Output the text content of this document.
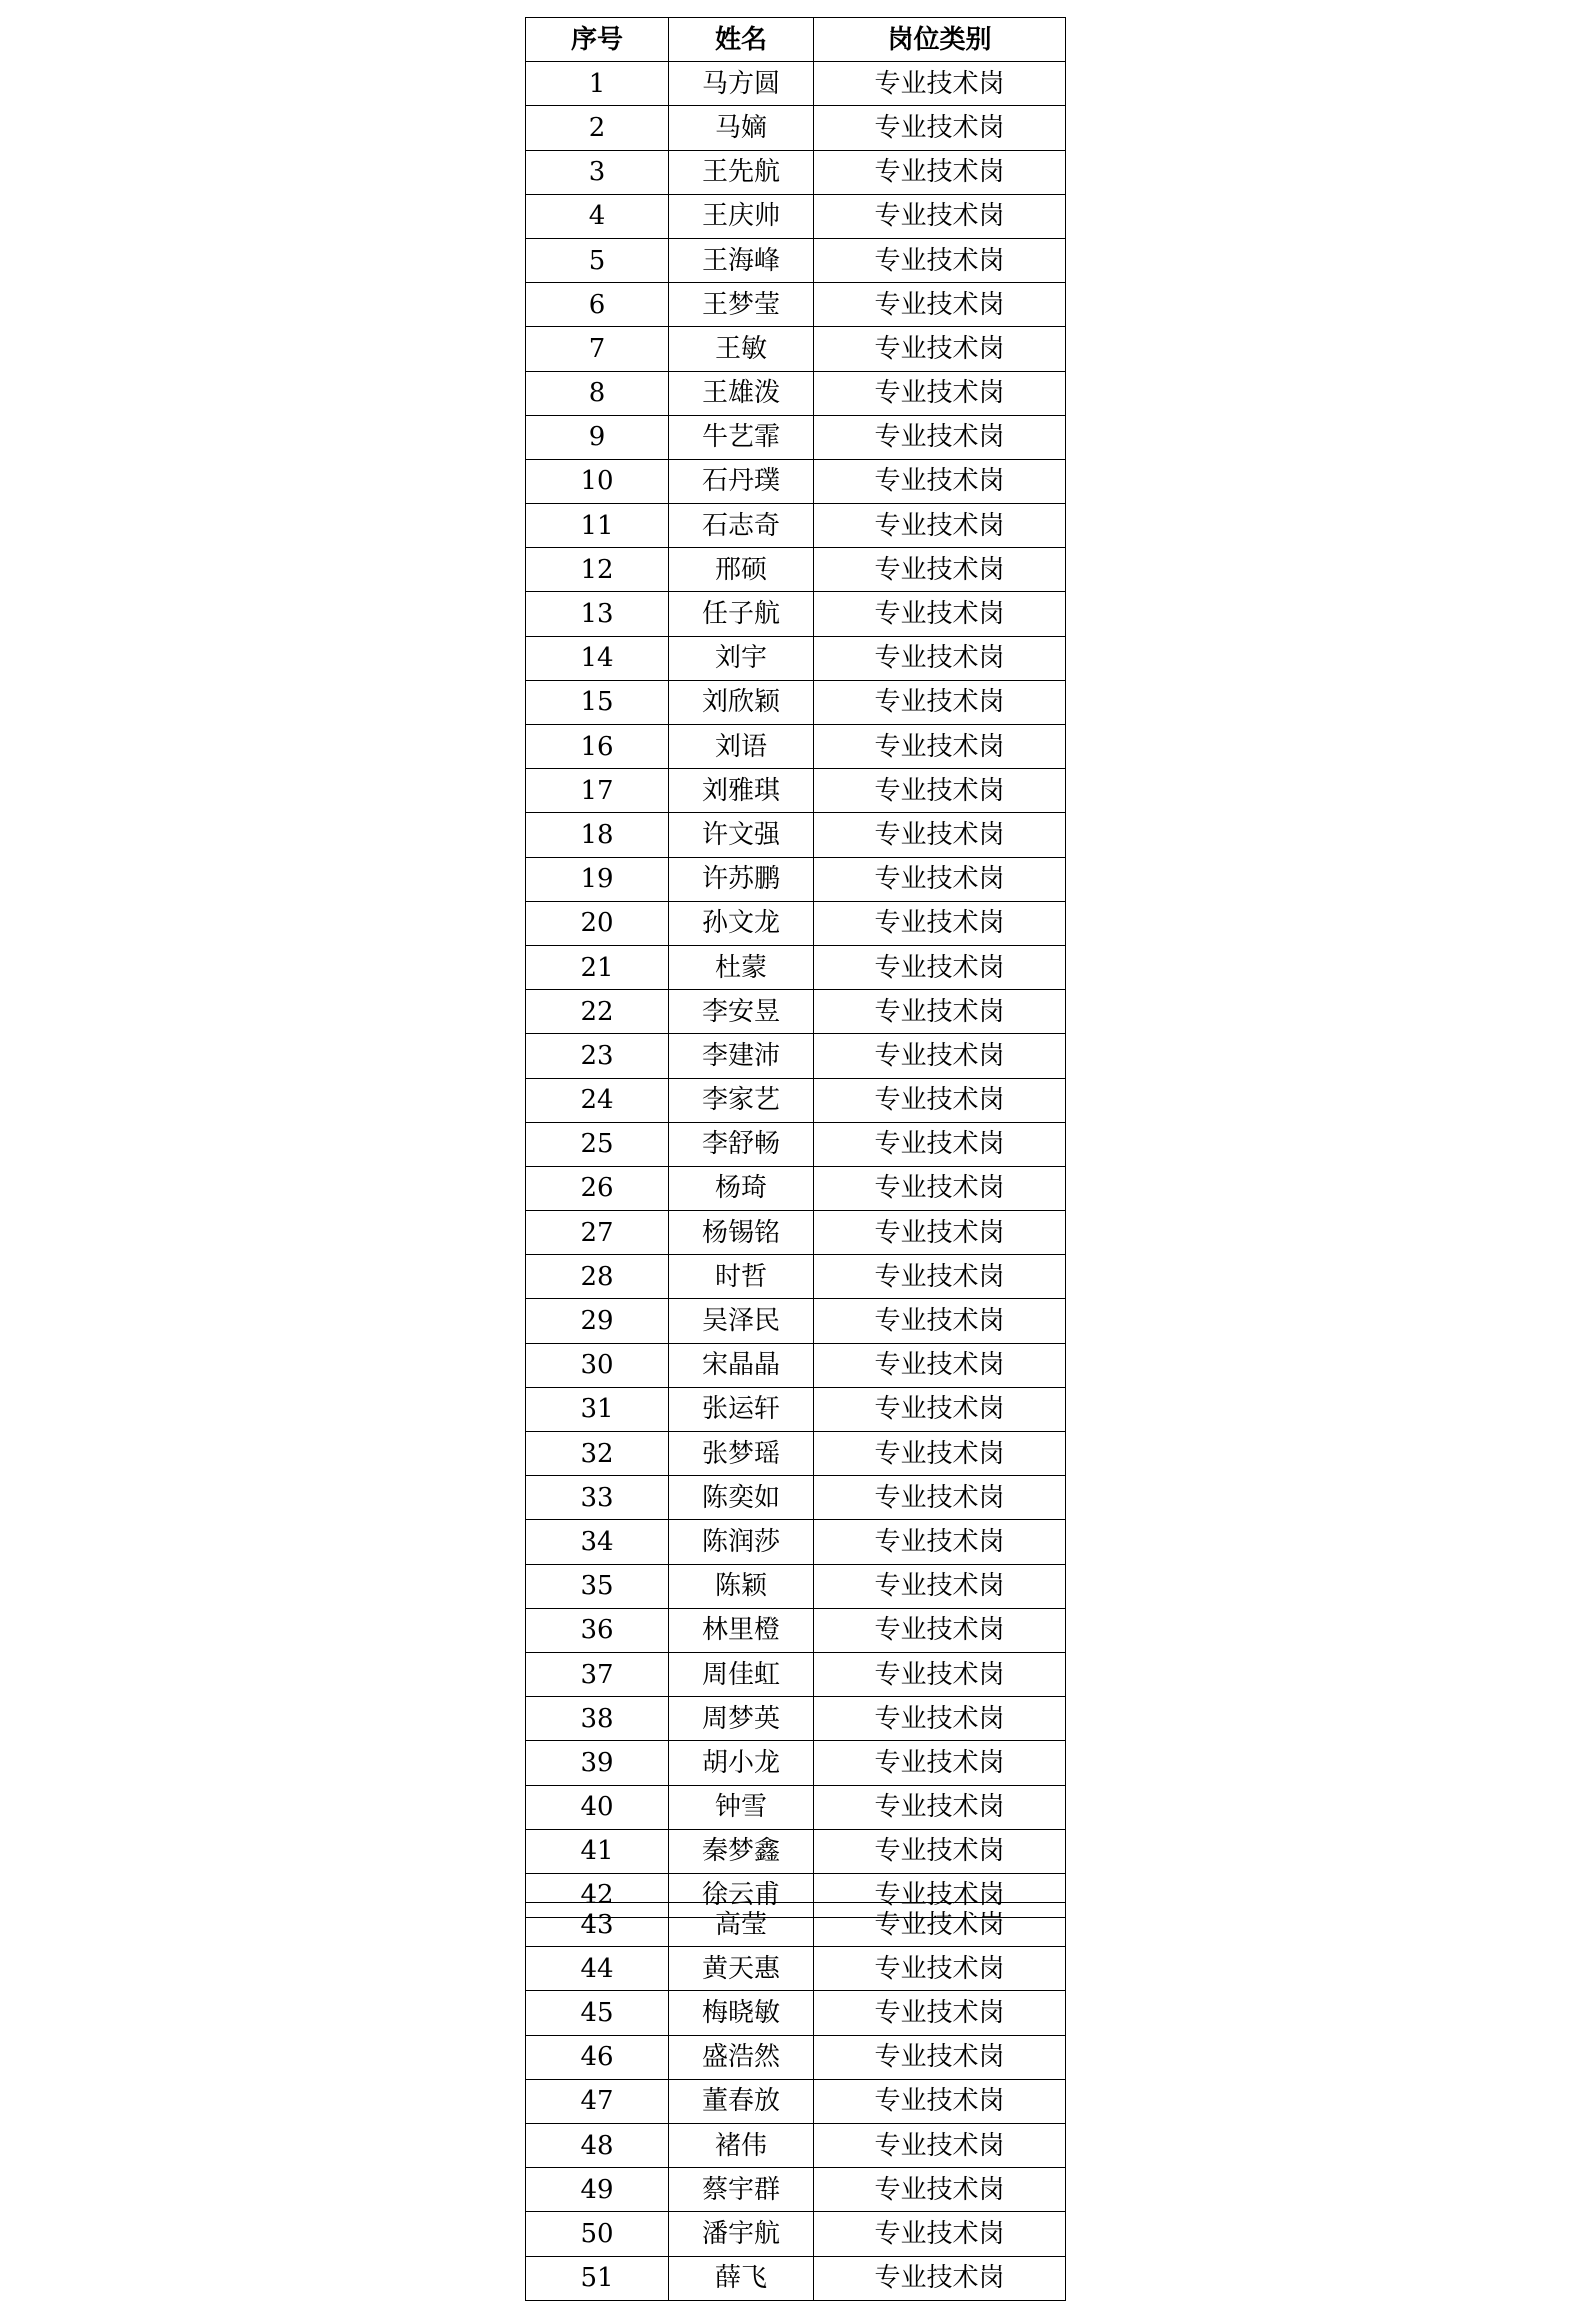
序号	姓名	岗位类别
1	马方圆	专业技术岗
2	马嫡	专业技术岗
3	王先航	专业技术岗
4	王庆帅	专业技术岗
5	王海峰	专业技术岗
6	王梦莹	专业技术岗
7	王敏	专业技术岗
8	王雄泼	专业技术岗
9	牛艺霏	专业技术岗
10	石丹璞	专业技术岗
11	石志奇	专业技术岗
12	邢硕	专业技术岗
13	任子航	专业技术岗
14	刘宇	专业技术岗
15	刘欣颖	专业技术岗
16	刘语	专业技术岗
17	刘雅琪	专业技术岗
18	许文强	专业技术岗
19	许苏鹏	专业技术岗
20	孙文龙	专业技术岗
21	杜蒙	专业技术岗
22	李安昱	专业技术岗
23	李建沛	专业技术岗
24	李家艺	专业技术岗
25	李舒畅	专业技术岗
26	杨琦	专业技术岗
27	杨锡铭	专业技术岗
28	时哲	专业技术岗
29	吴泽民	专业技术岗
30	宋晶晶	专业技术岗
31	张运轩	专业技术岗
32	张梦瑶	专业技术岗
33	陈奕如	专业技术岗
34	陈润莎	专业技术岗
35	陈颖	专业技术岗
36	林里橙	专业技术岗
37	周佳虹	专业技术岗
38	周梦英	专业技术岗
39	胡小龙	专业技术岗
40	钟雪	专业技术岗
41	秦梦鑫	专业技术岗
42	徐云甫	专业技术岗
43	高莹	专业技术岗
44	黄天惠	专业技术岗
45	梅晓敏	专业技术岗
46	盛浩然	专业技术岗
47	董春放	专业技术岗
48	褚伟	专业技术岗
49	蔡宇群	专业技术岗
50	潘宇航	专业技术岗
51	薛飞	专业技术岗
